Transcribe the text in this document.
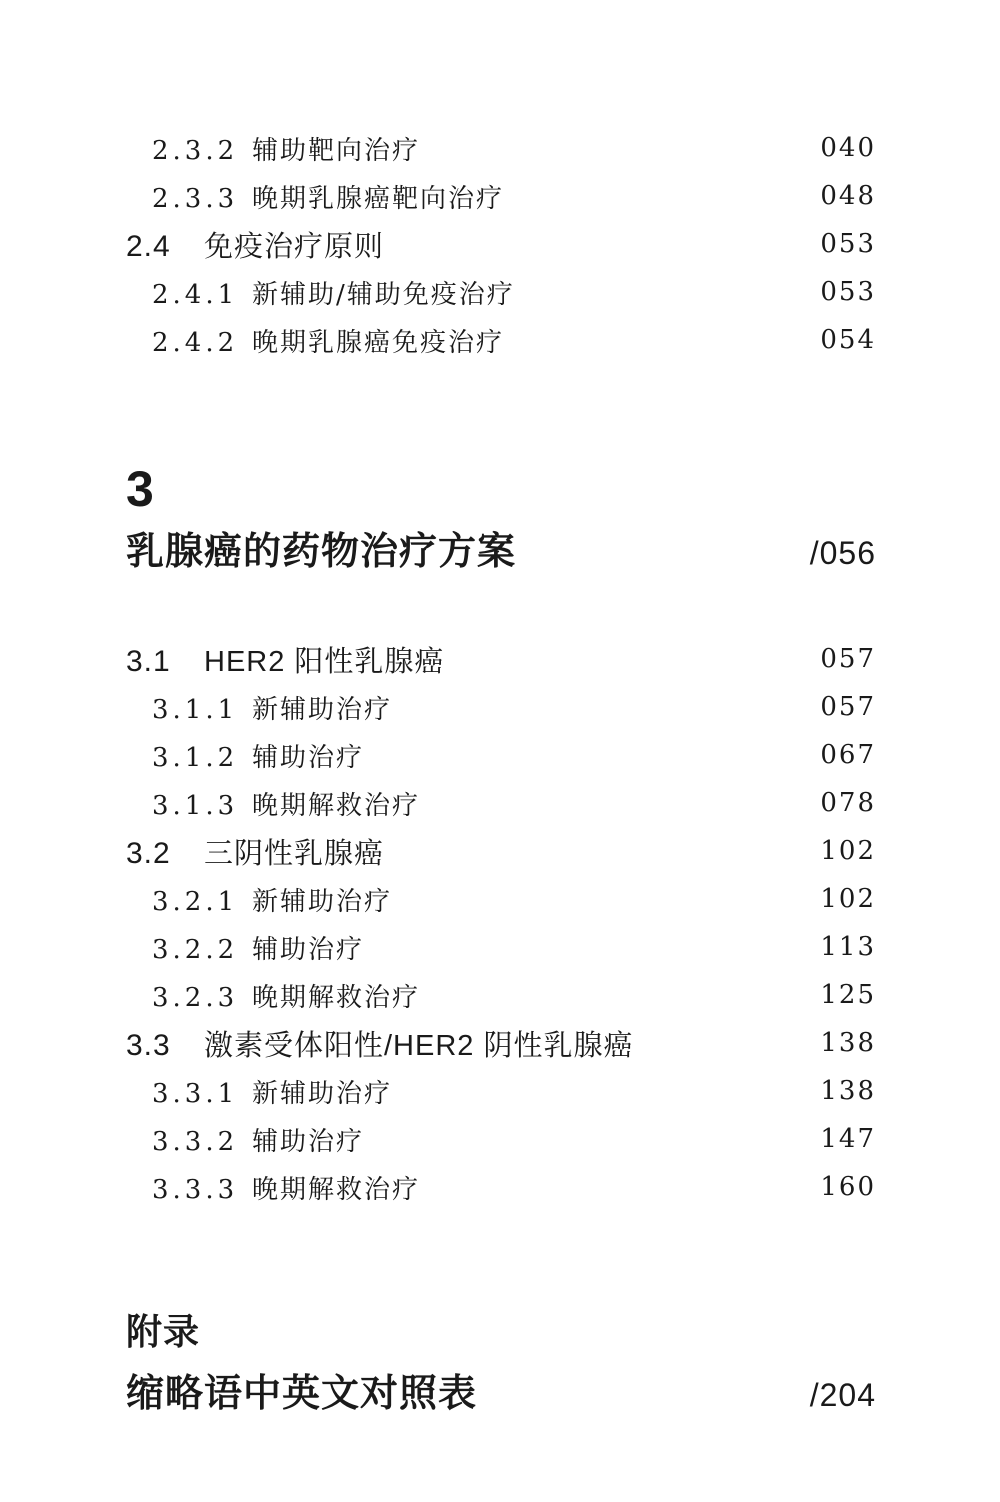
2.3.2 辅助靶向治疗	040
2.3.3 晚期乳腺癌靶向治疗	048
2.4	免疫治疗原则	053
2.4.1 新辅助/辅助免疫治疗	053
2.4.2 晚期乳腺癌免疫治疗	054
3
乳腺癌的药物治疗方案	/056
3.1	HER2 阳性乳腺癌	057
3.1.1 新辅助治疗	057
3.1.2 辅助治疗	067
3.1.3 晚期解救治疗	078
3.2	三阴性乳腺癌	102
3.2.1 新辅助治疗	102
3.2.2 辅助治疗	113
3.2.3 晚期解救治疗	125
3.3	激素受体阳性/HER2 阴性乳腺癌	138
3.3.1 新辅助治疗	138
3.3.2 辅助治疗	147
3.3.3 晚期解救治疗	160
附录
缩略语中英文对照表	/204
